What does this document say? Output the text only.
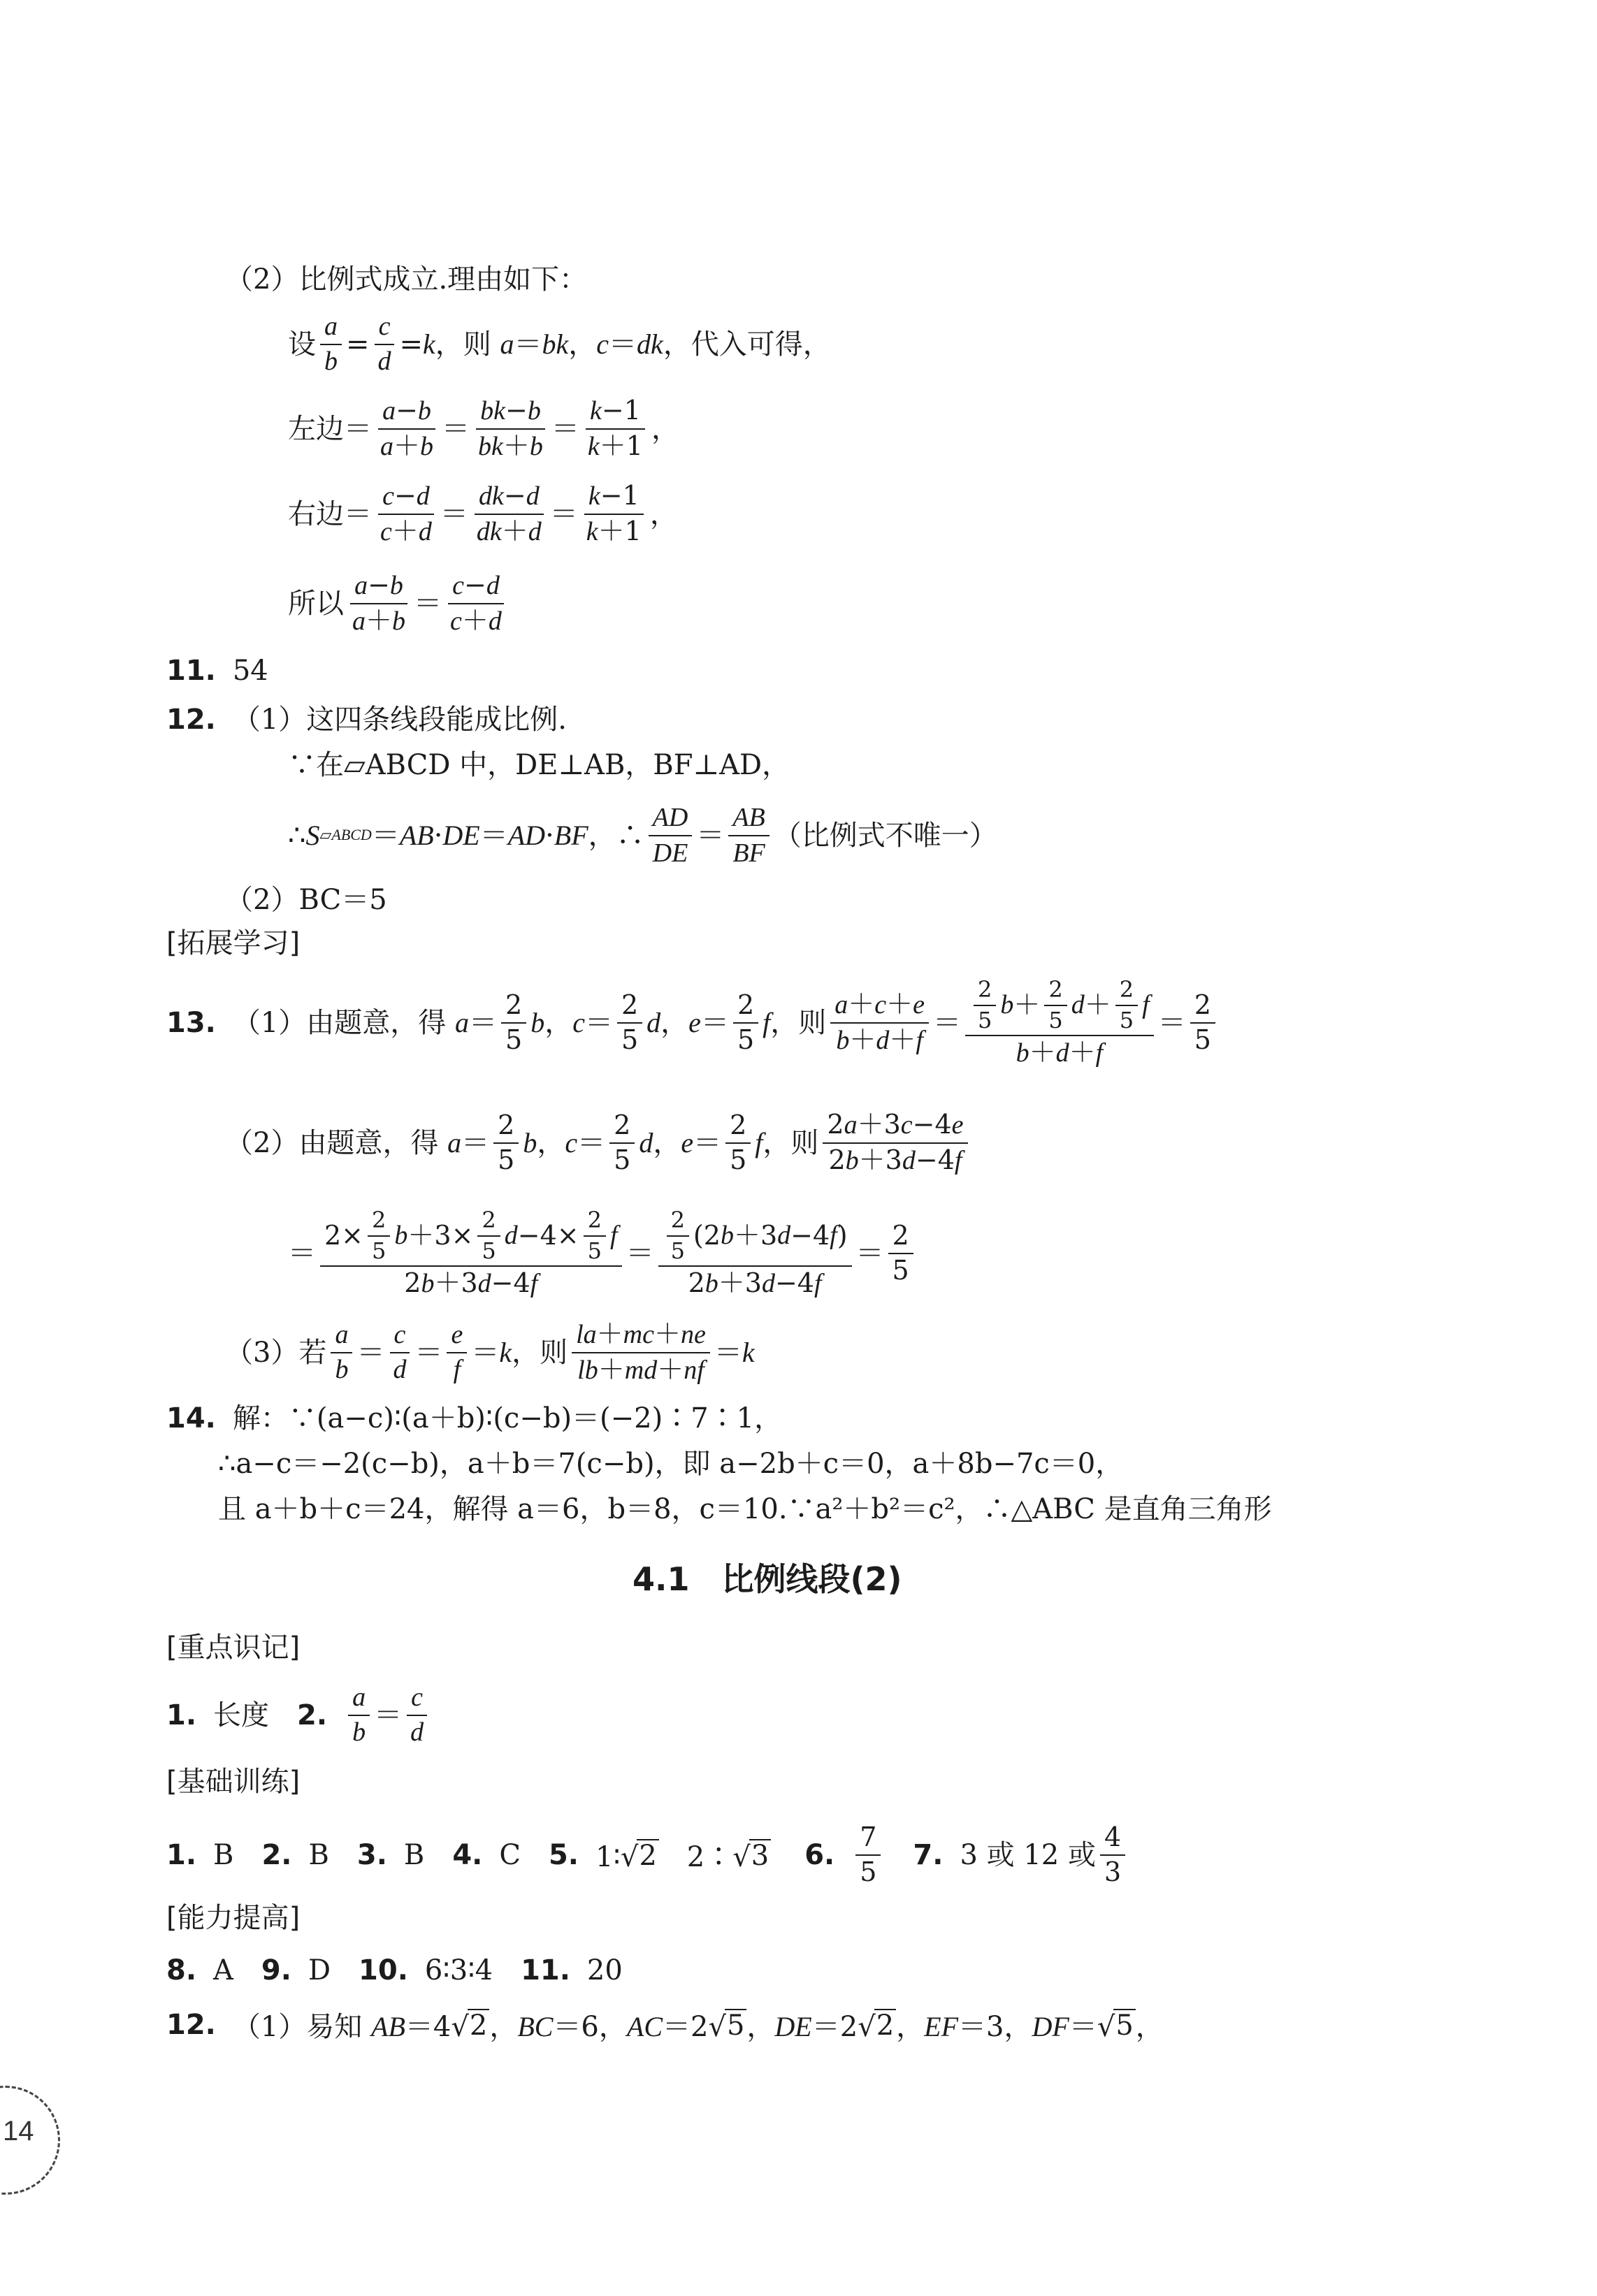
（2）比例式成立.理由如下：
设 $\frac{a}{b} = \frac{c}{d} = k$ ，则
a ＝ bk ， c ＝ dk ，代入可得，
左边 ＝ $\frac{a-b}{a+b} = \frac{bk-b}{bk+b} = \frac{k-1}{k+1}$ ，
右边 ＝ $\frac{c-d}{c+d} = \frac{dk-d}{dk+d} = \frac{k-1}{k+1}$ ，
所以 $\frac{a-b}{a+b} = \frac{c-d}{c+d}$
11. 54
12. （1）这四条线段能成比例.
∵在▱ABCD 中，DE⊥AB，BF⊥AD，
∴ S ▱ABCD ＝ AB · DE ＝ AD · BF ，∴ $\frac{AD}{DE} = \frac{AB}{BF}$ （比例式不唯一）
（2）BC＝5
[拓展学习]
13. （1）由题意，得
$a = \frac{2}{5}$ b ， $c = \frac{2}{5}$ d ， $e = \frac{2}{5}$ f ，则 $\frac{a+c+e}{b+d+f} = \frac{\frac{2}{5} b + \frac{2}{5} d + \frac{2}{5} f}{b+d+f} = \frac{2}{5}$
（2）由题意，得
$a = \frac{2}{5}$ b ， $c = \frac{2}{5}$ d ， $e = \frac{2}{5}$ f ，则 $\frac{2a+3c-4e}{2b+3d-4f}$
＝ $\frac{2\times \frac{2}{5} b +3\times \frac{2}{5} d -4\times \frac{2}{5} f}{2b+3d-4f} = \frac{\frac{2}{5} (2 b +3 d -4 f )}{2b+3d-4f} = \frac{2}{5}$
（3）若 $\frac{a}{b} = \frac{c}{d} = \frac{e}{f} = k$ ，则 $\frac{la+mc+ne}{lb+md+nf} = k$
14. 解：∵(a−c)∶(a＋b)∶(c−b)＝(−2)∶7∶1，
∴a−c＝−2(c−b)，a＋b＝7(c−b)，即 a−2b＋c＝0，a＋8b−7c＝0，
且 a＋b＋c＝24，解得 a＝6，b＝8，c＝10.∵a²＋b²＝c²，∴△ABC 是直角三角形
4.1　比例线段(2)
[重点识记]
1. 长度 2. $\frac{a}{b} = \frac{c}{d}$
[基础训练]
1. B 2. B 3. B 4. C 5. 1∶ √ 2 　2∶ √ 3 6. $\frac{7}{5} 7$. 3 或 12 或 $\frac{4}{3}$
[能力提高]
8. A 9. D 10. 6∶3∶4 11. 20
12. （1）易知 AB＝4 √ 2 ，BC＝6，AC＝2 √ 5 ，DE＝2 √ 2 ，EF＝3，DF＝ √ 5 ，
14
